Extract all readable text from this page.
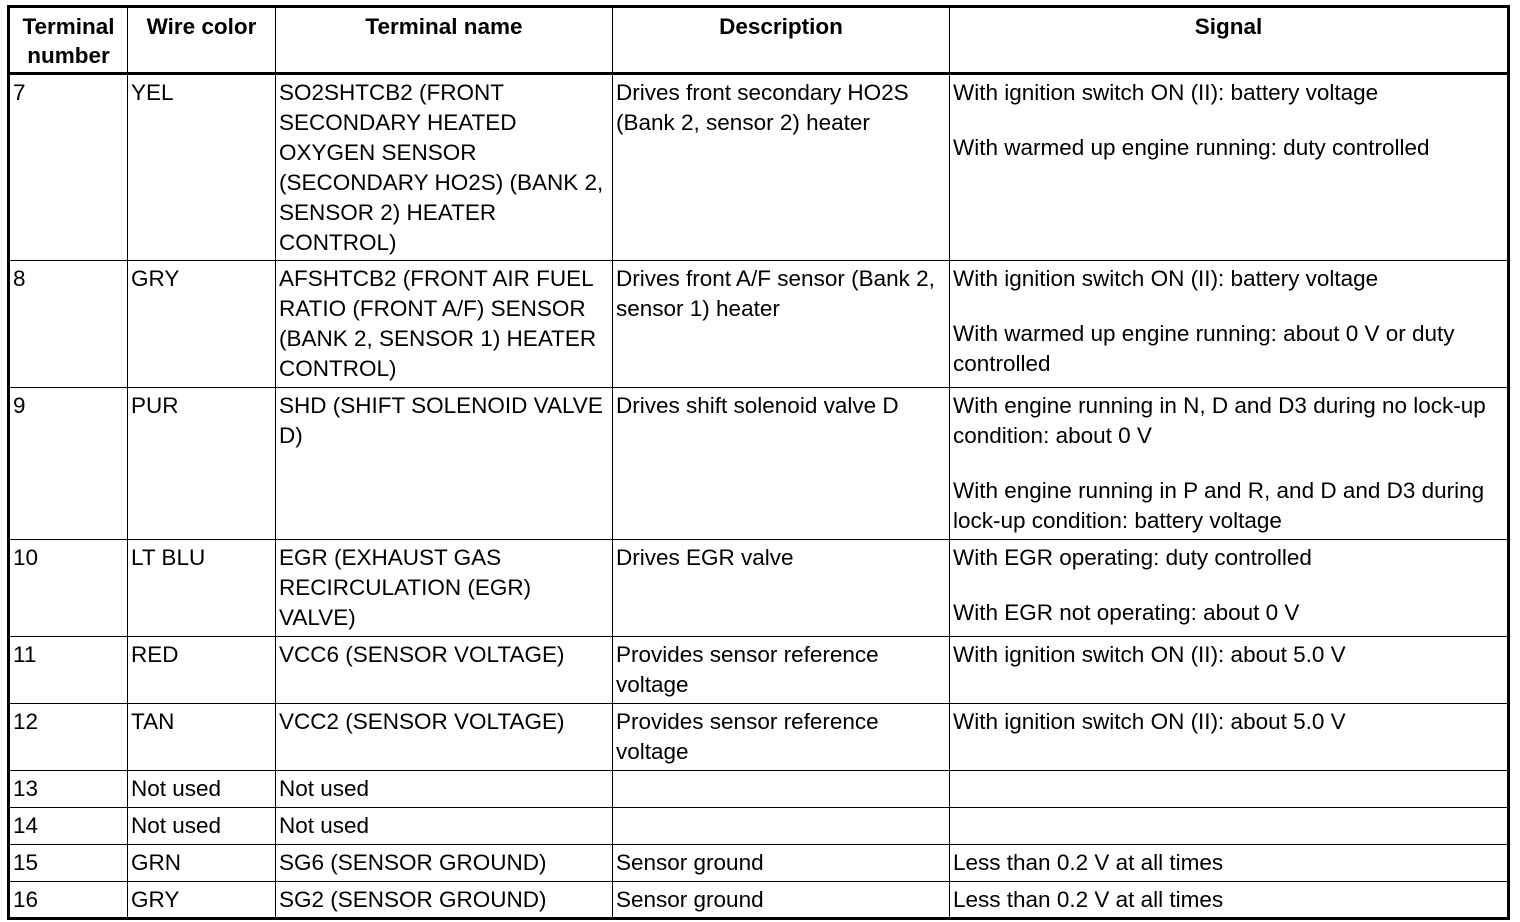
Terminal number	Wire color	Terminal name	Description	Signal
7	YEL	SO2SHTCB2 (FRONT SECONDARY HEATED OXYGEN SENSOR (SECONDARY HO2S) (BANK 2, SENSOR 2) HEATER CONTROL)	Drives front secondary HO2S (Bank 2, sensor 2) heater	With ignition switch ON (II): battery voltage

With warmed up engine running: duty controlled

8	GRY	AFSHTCB2 (FRONT AIR FUEL RATIO (FRONT A/F) SENSOR (BANK 2, SENSOR 1) HEATER CONTROL)	Drives front A/F sensor (Bank 2, sensor 1) heater	With ignition switch ON (II): battery voltage

With warmed up engine running: about 0 V or duty controlled

9	PUR	SHD (SHIFT SOLENOID VALVE D)	Drives shift solenoid valve D	With engine running in N, D and D3 during no lock-up condition: about 0 V

With engine running in P and R, and D and D3 during lock-up condition: battery voltage

10	LT BLU	EGR (EXHAUST GAS RECIRCULATION (EGR) VALVE)	Drives EGR valve	With EGR operating: duty controlled

With EGR not operating: about 0 V

11	RED	VCC6 (SENSOR VOLTAGE)	Provides sensor reference voltage	With ignition switch ON (II): about 5.0 V

12	TAN	VCC2 (SENSOR VOLTAGE)	Provides sensor reference voltage	With ignition switch ON (II): about 5.0 V

13	Not used	Not used		
14	Not used	Not used		
15	GRN	SG6 (SENSOR GROUND)	Sensor ground	Less than 0.2 V at all times

16	GRY	SG2 (SENSOR GROUND)	Sensor ground	Less than 0.2 V at all times
